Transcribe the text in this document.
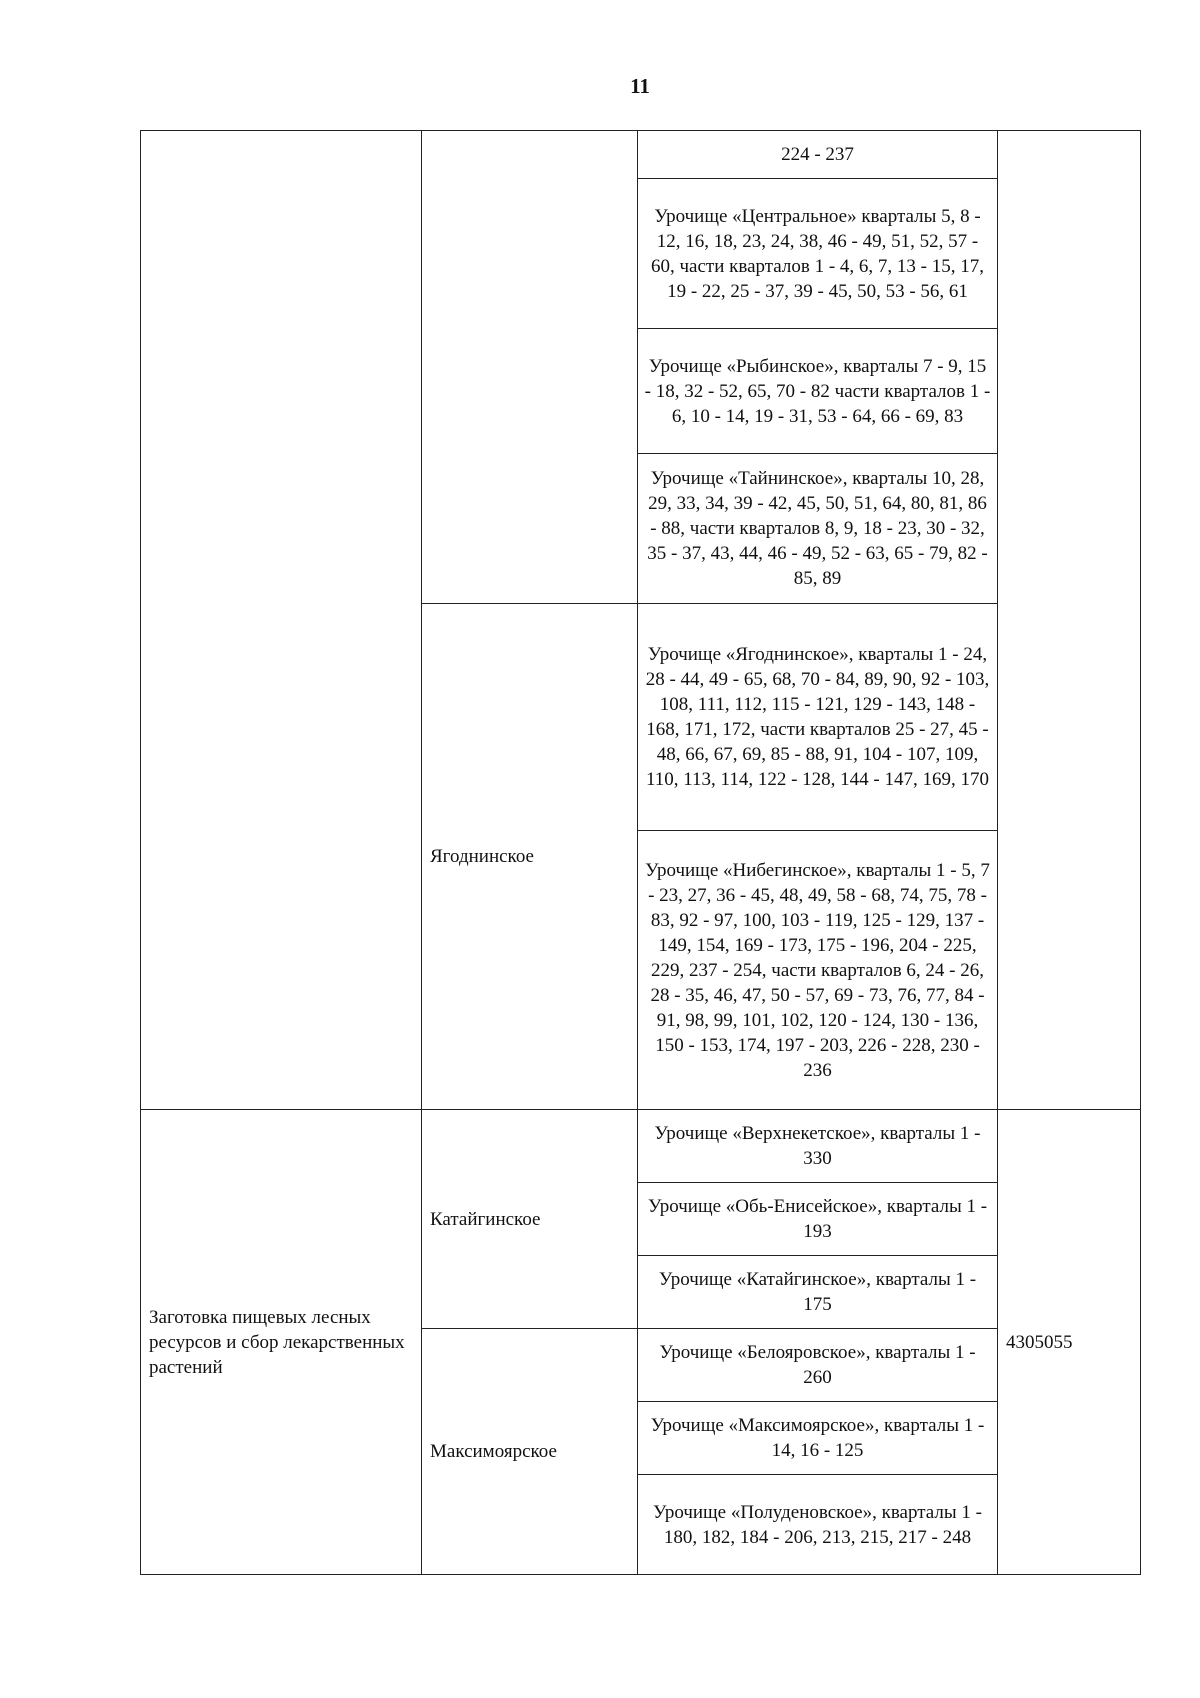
11
		224 - 237	
		Урочище «Центральное» кварталы 5, 8 - 12, 16, 18, 23, 24, 38, 46 - 49, 51, 52, 57 - 60, части кварталов 1 - 4, 6, 7, 13 - 15, 17, 19 - 22, 25 - 37, 39 - 45, 50, 53 - 56, 61	
		Урочище «Рыбинское», кварталы 7 - 9, 15 - 18, 32 - 52, 65, 70 - 82 части кварталов 1 - 6, 10 - 14, 19 - 31, 53 - 64, 66 - 69, 83	
		Урочище «Тайнинское», кварталы 10, 28, 29, 33, 34, 39 - 42, 45, 50, 51, 64, 80, 81, 86 - 88, части кварталов 8, 9, 18 - 23, 30 - 32, 35 - 37, 43, 44, 46 - 49, 52 - 63, 65 - 79, 82 - 85, 89	
	Ягоднинское	Урочище «Ягоднинское», кварталы 1 - 24, 28 - 44, 49 - 65, 68, 70 - 84, 89, 90, 92 - 103, 108, 111, 112, 115 - 121, 129 - 143, 148 - 168, 171, 172, части кварталов 25 - 27, 45 - 48, 66, 67, 69, 85 - 88, 91, 104 - 107, 109, 110, 113, 114, 122 - 128, 144 - 147, 169, 170	
		Урочище «Нибегинское», кварталы 1 - 5, 7 - 23, 27, 36 - 45, 48, 49, 58 - 68, 74, 75, 78 - 83, 92 - 97, 100, 103 - 119, 125 - 129, 137 - 149, 154, 169 - 173, 175 - 196, 204 - 225, 229, 237 - 254, части кварталов 6, 24 - 26, 28 - 35, 46, 47, 50 - 57, 69 - 73, 76, 77, 84 - 91, 98, 99, 101, 102, 120 - 124, 130 - 136, 150 - 153, 174, 197 - 203, 226 - 228, 230 - 236	
Заготовка пищевых лесных ресурсов и сбор лекарственных растений	Катайгинское	Урочище «Верхнекетское», кварталы 1 - 330	4305055
		Урочище «Обь-Енисейское», кварталы 1 - 193	
		Урочище «Катайгинское», кварталы 1 - 175	
	Максимоярское	Урочище «Белояровское», кварталы 1 - 260	
		Урочище «Максимоярское», кварталы 1 - 14, 16 - 125	
		Урочище «Полуденовское», кварталы 1 - 180, 182, 184 - 206, 213, 215, 217 - 248	
